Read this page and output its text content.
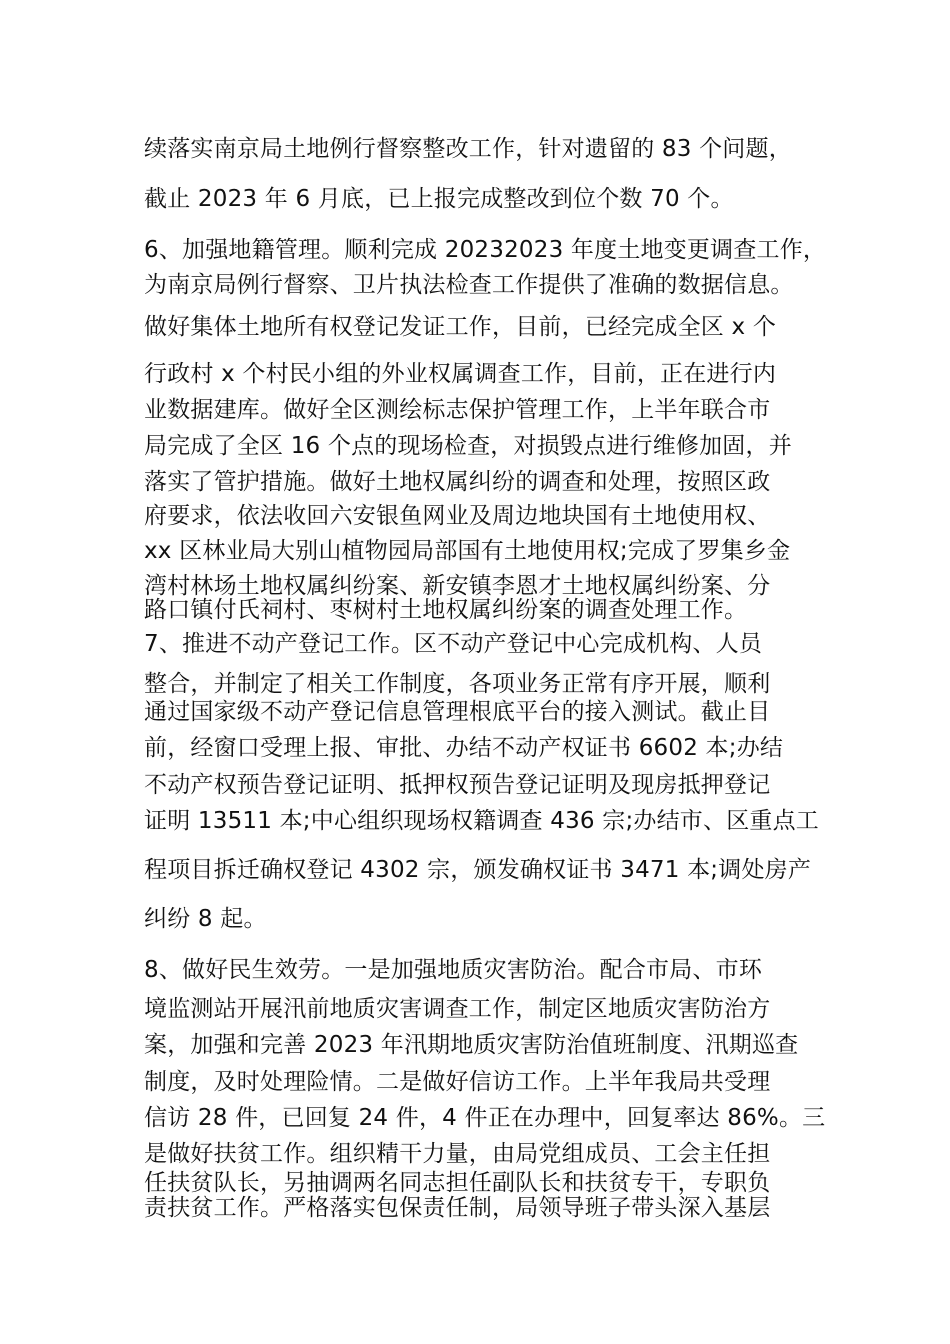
续落实南京局土地例行督察整改工作，针对遗留的 83 个问题，
截止 2023 年 6 月底，已上报完成整改到位个数 70 个。
6、加强地籍管理。顺利完成 20232023 年度土地变更调查工作，
为南京局例行督察、卫片执法检查工作提供了准确的数据信息。
做好集体土地所有权登记发证工作，目前，已经完成全区 x 个
行政村 x 个村民小组的外业权属调查工作，目前，正在进行内
业数据建库。做好全区测绘标志保护管理工作，上半年联合市
局完成了全区 16 个点的现场检查，对损毁点进行维修加固，并
落实了管护措施。做好土地权属纠纷的调查和处理，按照区政
府要求，依法收回六安银鱼网业及周边地块国有土地使用权、
xx 区林业局大别山植物园局部国有土地使用权;完成了罗集乡金
湾村林场土地权属纠纷案、新安镇李恩才土地权属纠纷案、分
路口镇付氏祠村、枣树村土地权属纠纷案的调查处理工作。
7、推进不动产登记工作。区不动产登记中心完成机构、人员
整合，并制定了相关工作制度，各项业务正常有序开展，顺利
通过国家级不动产登记信息管理根底平台的接入测试。截止目
前，经窗口受理上报、审批、办结不动产权证书 6602 本;办结
不动产权预告登记证明、抵押权预告登记证明及现房抵押登记
证明 13511 本;中心组织现场权籍调查 436 宗;办结市、区重点工
程项目拆迁确权登记 4302 宗，颁发确权证书 3471 本;调处房产
纠纷 8 起。
8、做好民生效劳。一是加强地质灾害防治。配合市局、市环
境监测站开展汛前地质灾害调查工作，制定区地质灾害防治方
案，加强和完善 2023 年汛期地质灾害防治值班制度、汛期巡查
制度，及时处理险情。二是做好信访工作。上半年我局共受理
信访 28 件，已回复 24 件，4 件正在办理中，回复率达 86%。三
是做好扶贫工作。组织精干力量，由局党组成员、工会主任担
任扶贫队长，另抽调两名同志担任副队长和扶贫专干，专职负
责扶贫工作。严格落实包保责任制，局领导班子带头深入基层
